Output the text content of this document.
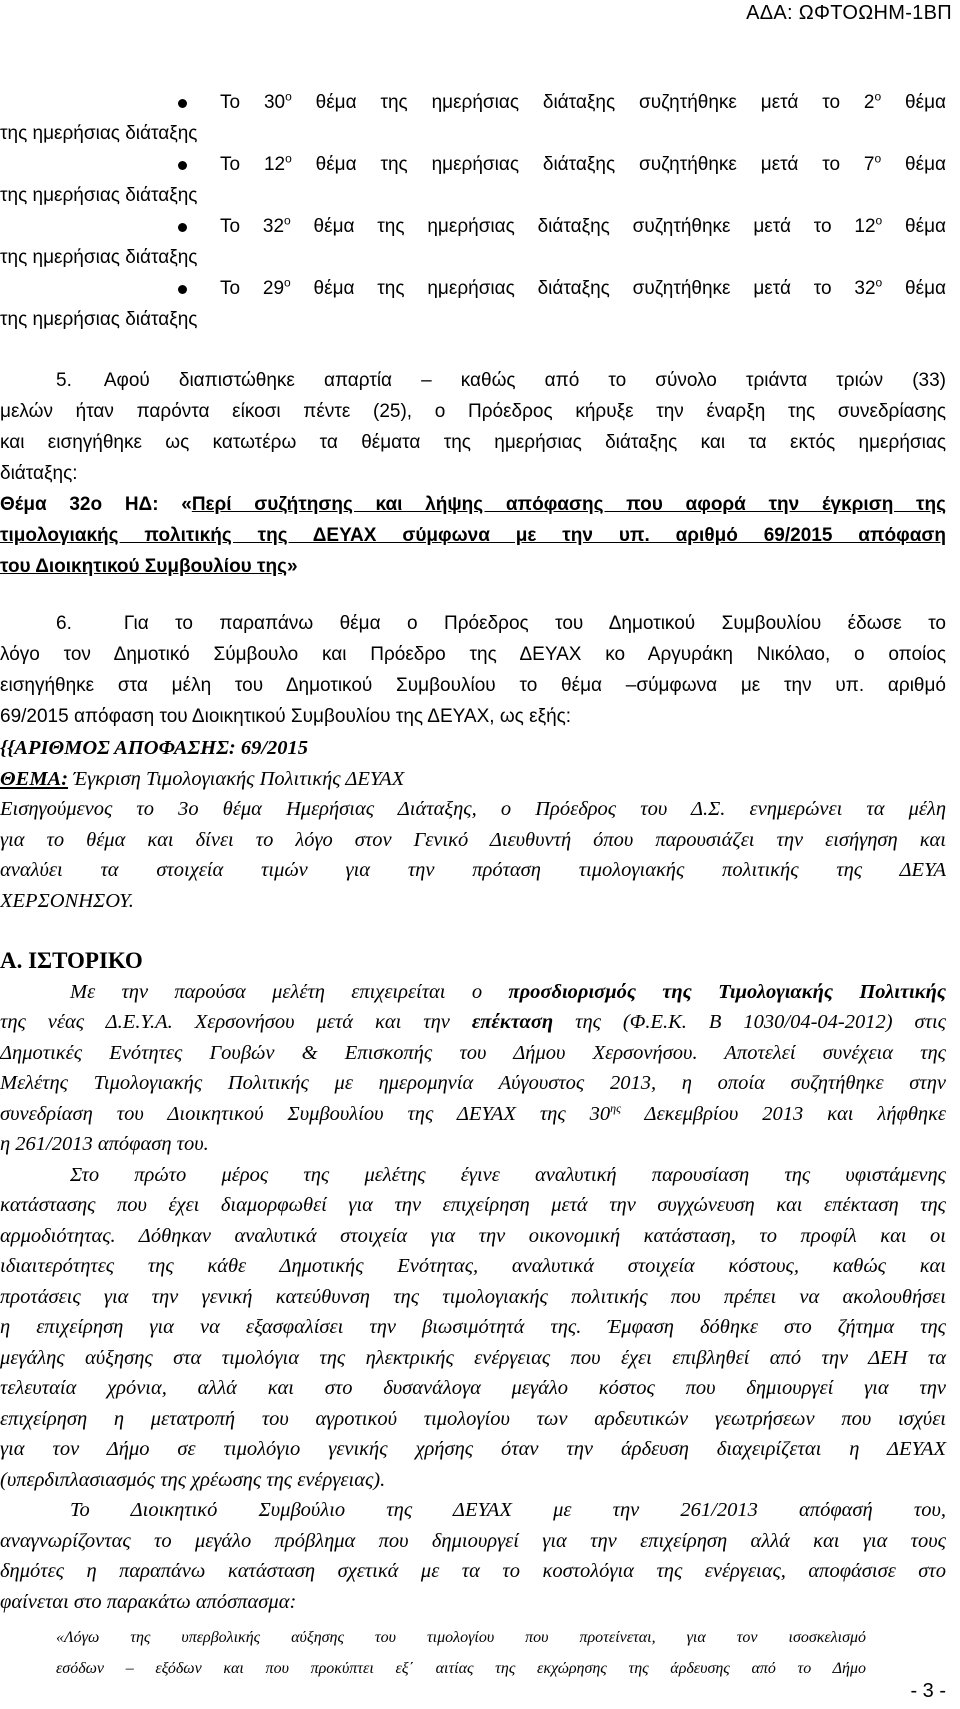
ΑΔΑ: ΩΦΤΟΩΗΜ-1ΒΠ
Το $30^o$ θέμα της ημερήσιας διάταξης συζητήθηκε μετά το $2^o$ θέμα

της ημερήσιας διάταξης

Το $12^o$ θέμα της ημερήσιας διάταξης συζητήθηκε μετά το $7^o$ θέμα

της ημερήσιας διάταξης

Το $32^o$ θέμα της ημερήσιας διάταξης συζητήθηκε μετά το $12^o$ θέμα

της ημερήσιας διάταξης

Το $29^o$ θέμα της ημερήσιας διάταξης συζητήθηκε μετά το $32^o$ θέμα

της ημερήσιας διάταξης

5. Αφού διαπιστώθηκε απαρτία – καθώς από το σύνολο τριάντα τριών (33)

μελών ήταν παρόντα είκοσι πέντε (25), ο Πρόεδρος κήρυξε την έναρξη της συνεδρίασης

και εισηγήθηκε ως κατωτέρω τα θέματα της ημερήσιας διάταξης και τα εκτός ημερήσιας

διάταξης:

Θέμα 32ο ΗΔ: «Περί συζήτησης και λήψης απόφασης που αφορά την έγκριση της

τιμολογιακής πολιτικής της ΔΕΥΑΧ σύμφωνα με την υπ. αριθμό 69/2015 απόφαση

του Διοικητικού Συμβουλίου της»

6.	Για το παραπάνω θέμα ο Πρόεδρος του Δημοτικού Συμβουλίου έδωσε το

λόγο τον Δημοτικό Σύμβουλο και Πρόεδρο της ΔΕΥΑΧ κο Αργυράκη Νικόλαο, ο οποίος

εισηγήθηκε στα μέλη του Δημοτικού Συμβουλίου το θέμα –σύμφωνα με την υπ. αριθμό

69/2015 απόφαση του Διοικητικού Συμβουλίου της ΔΕΥΑΧ, ως εξής:

{{ΑΡΙΘΜΟΣ ΑΠΟΦΑΣΗΣ: 69/2015

ΘΕΜΑ: Έγκριση Τιμολογιακής Πολιτικής ΔΕΥΑΧ

Εισηγούμενος το 3ο θέμα Ημερήσιας Διάταξης, ο Πρόεδρος του Δ.Σ. ενημερώνει τα μέλη

για το θέμα και δίνει το λόγο στον Γενικό Διευθυντή όπου παρουσιάζει την εισήγηση και

αναλύει τα στοιχεία τιμών για την πρόταση τιμολογιακής πολιτικής της ΔΕΥΑ

ΧΕΡΣΟΝΗΣΟΥ.

Α. ΙΣΤΟΡΙΚΟ

Με την παρούσα μελέτη επιχειρείται ο προσδιορισμός της Τιμολογιακής Πολιτικής

της νέας Δ.Ε.Υ.Α. Χερσονήσου μετά και την επέκταση της (Φ.Ε.Κ. Β 1030/04-04-2012) στις

Δημοτικές Ενότητες Γουβών & Επισκοπής του Δήμου Χερσονήσου. Αποτελεί συνέχεια της

Μελέτης Τιμολογιακής Πολιτικής με ημερομηνία Αύγουστος 2013, η οποία συζητήθηκε στην

συνεδρίαση του Διοικητικού Συμβουλίου της ΔΕΥΑΧ της $30^{\eta\varsigma}$ Δεκεμβρίου 2013 και λήφθηκε

η 261/2013 απόφαση του.

Στο πρώτο μέρος της μελέτης έγινε αναλυτική παρουσίαση της υφιστάμενης

κατάστασης που έχει διαμορφωθεί για την επιχείρηση μετά την συγχώνευση και επέκταση της

αρμοδιότητας. Δόθηκαν αναλυτικά στοιχεία για την οικονομική κατάσταση, το προφίλ και οι

ιδιαιτερότητες της κάθε Δημοτικής Ενότητας, αναλυτικά στοιχεία κόστους, καθώς και

προτάσεις για την γενική κατεύθυνση της τιμολογιακής πολιτικής που πρέπει να ακολουθήσει

η επιχείρηση για να εξασφαλίσει την βιωσιμότητά της. Έμφαση δόθηκε στο ζήτημα της

μεγάλης αύξησης στα τιμολόγια της ηλεκτρικής ενέργειας που έχει επιβληθεί από την ΔΕΗ τα

τελευταία χρόνια, αλλά και στο δυσανάλογα μεγάλο κόστος που δημιουργεί για την

επιχείρηση η μετατροπή του αγροτικού τιμολογίου των αρδευτικών γεωτρήσεων που ισχύει

για τον Δήμο σε τιμολόγιο γενικής χρήσης όταν την άρδευση διαχειρίζεται η ΔΕΥΑΧ

(υπερδιπλασιασμός της χρέωσης της ενέργειας).

Το Διοικητικό Συμβούλιο της ΔΕΥΑΧ με την 261/2013 απόφασή του,

αναγνωρίζοντας το μεγάλο πρόβλημα που δημιουργεί για την επιχείρηση αλλά και για τους

δημότες η παραπάνω κατάσταση σχετικά με τα το κοστολόγια της ενέργειας, αποφάσισε στο

φαίνεται στο παρακάτω απόσπασμα:

«Λόγω της υπερβολικής αύξησης του τιμολογίου που προτείνεται, για τον ισοσκελισμό

εσόδων – εξόδων και που προκύπτει εξ΄ αιτίας της εκχώρησης της άρδευσης από το Δήμο

- 3 -
